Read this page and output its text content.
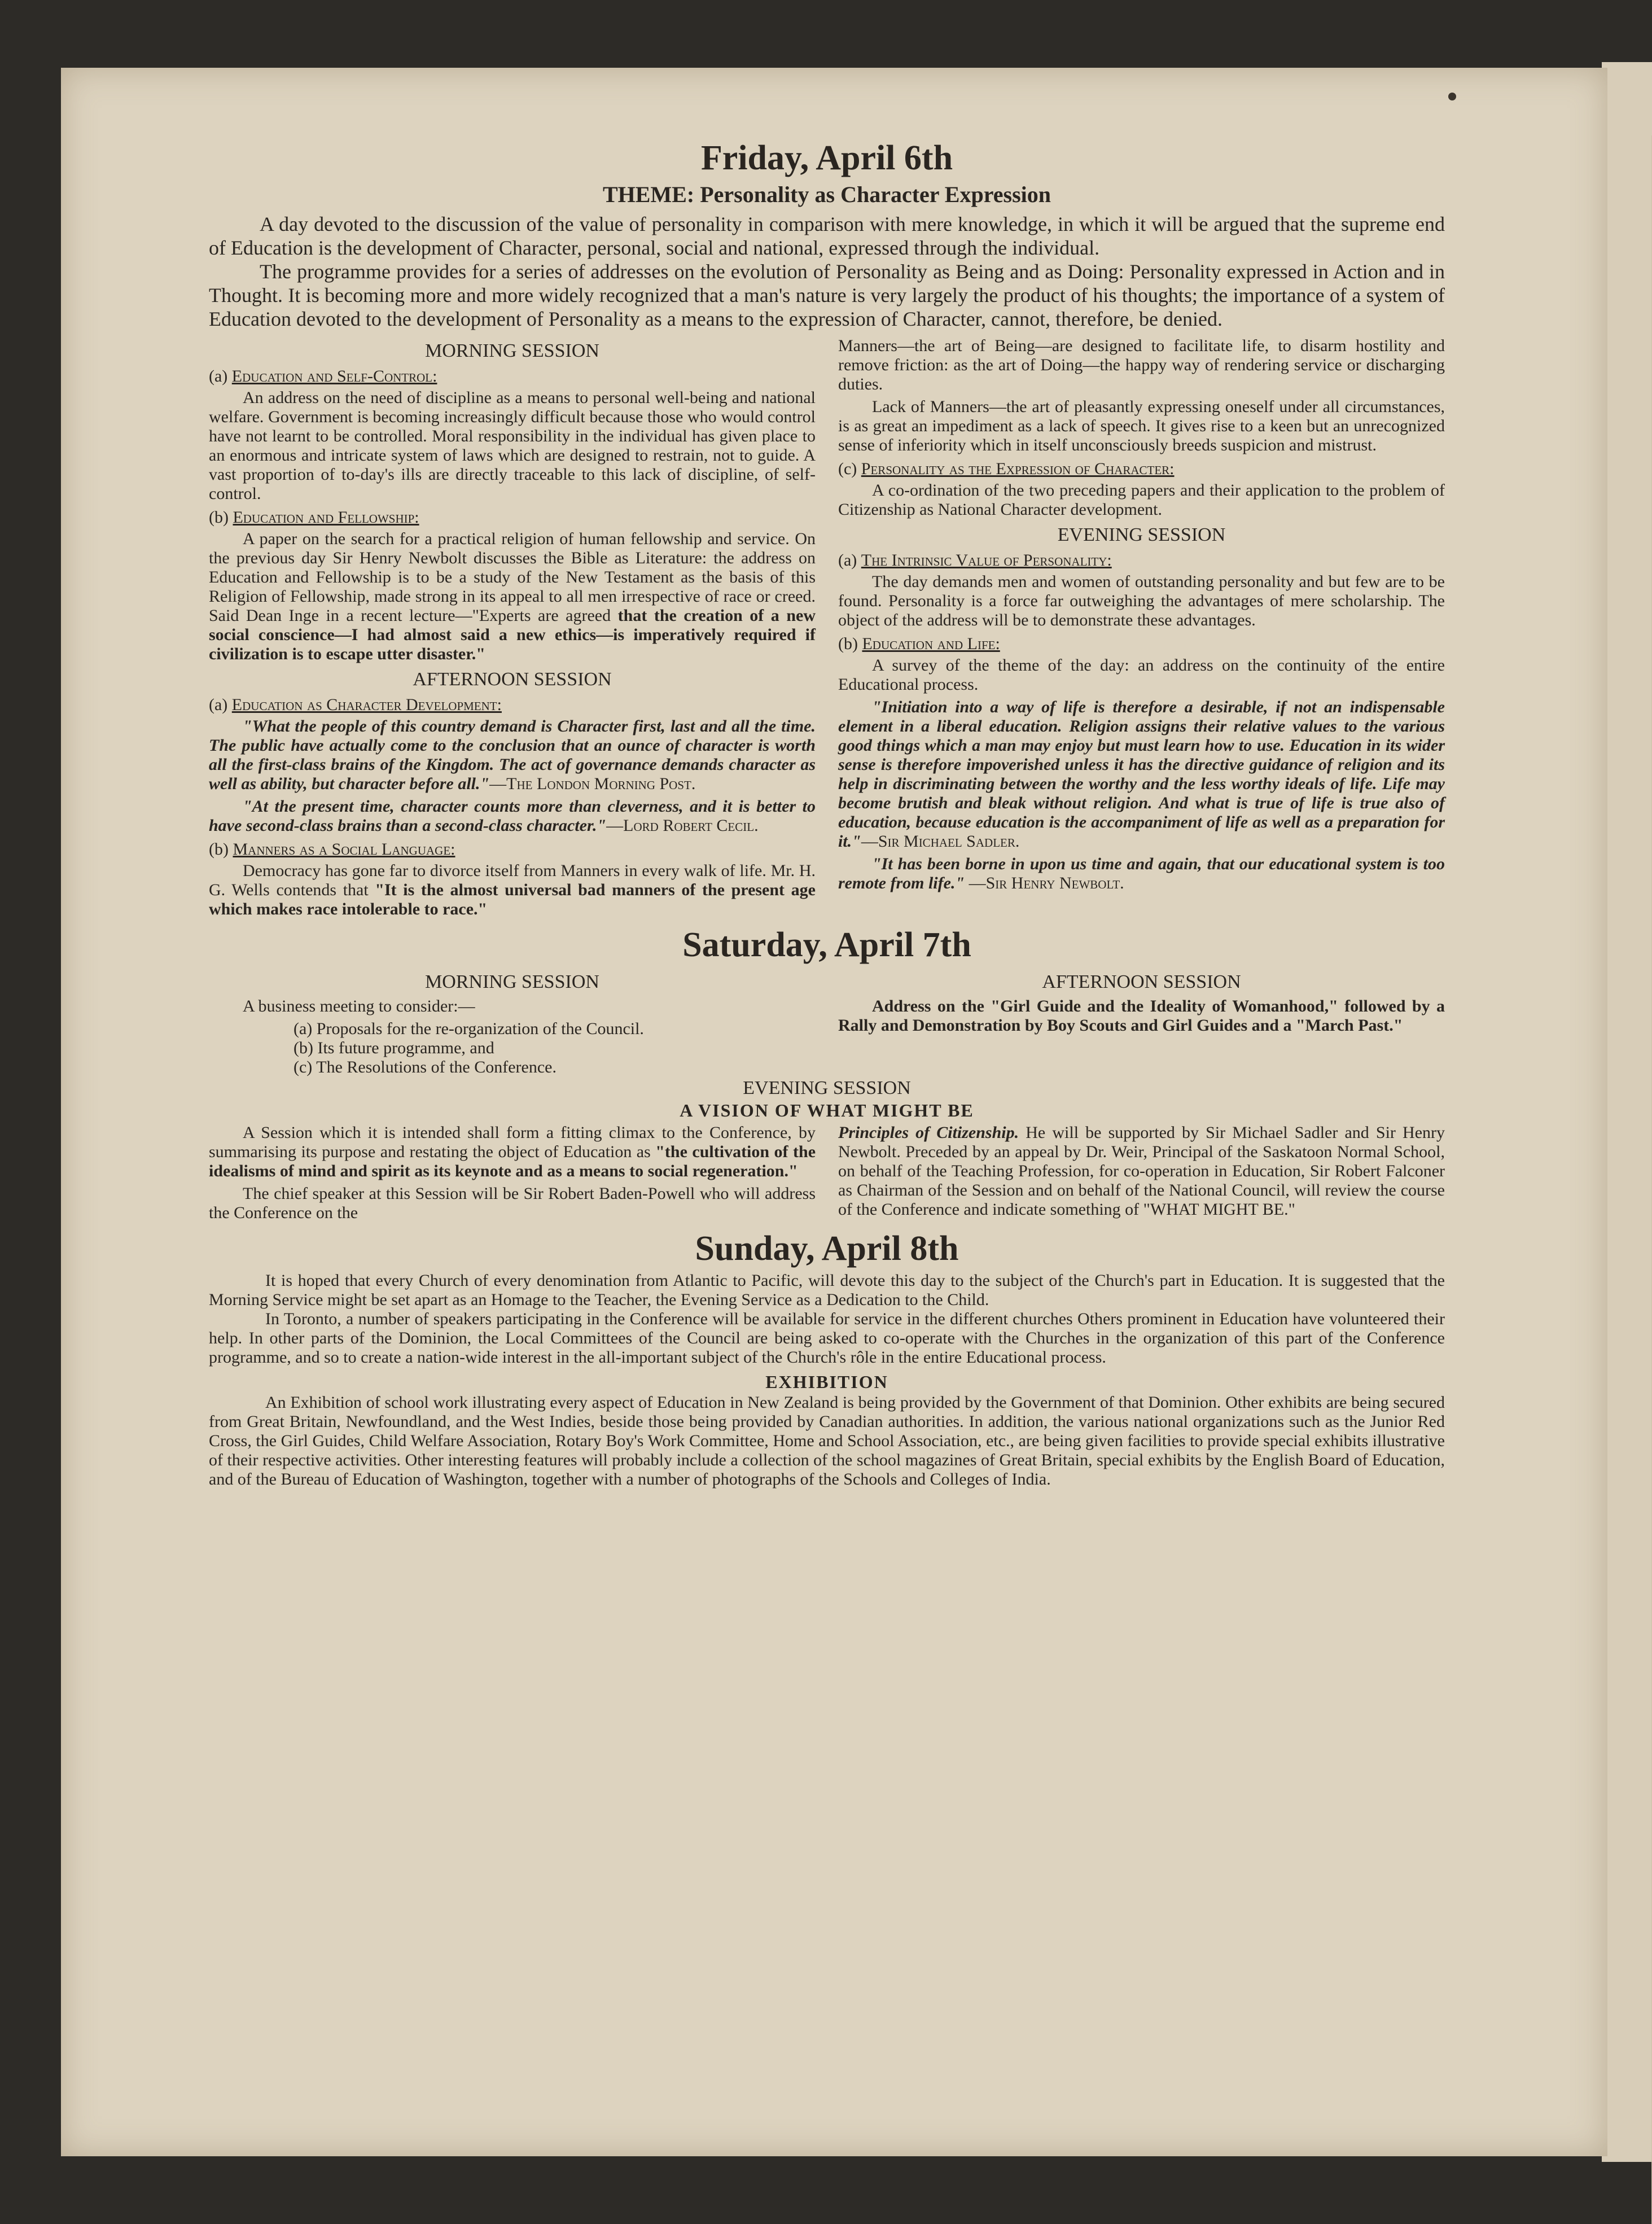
Friday, April 6th

THEME: Personality as Character Expression

A day devoted to the discussion of the value of personality in comparison with mere knowledge, in which it will be argued that the supreme end of Education is the development of Character, personal, social and national, expressed through the individual.

The programme provides for a series of addresses on the evolution of Personality as Being and as Doing: Personality expressed in Action and in Thought. It is becoming more and more widely recognized that a man's nature is very largely the product of his thoughts; the importance of a system of Education devoted to the development of Personality as a means to the expression of Character, cannot, therefore, be denied.

MORNING SESSION

(a) Education and Self-Control:

An address on the need of discipline as a means to personal well-being and national welfare. Government is becoming increasingly difficult because those who would control have not learnt to be controlled. Moral responsibility in the individual has given place to an enormous and intricate system of laws which are designed to restrain, not to guide. A vast proportion of to-day's ills are directly traceable to this lack of discipline, of self-control.

(b) Education and Fellowship:

A paper on the search for a practical religion of human fellowship and service. On the previous day Sir Henry Newbolt discusses the Bible as Literature: the address on Education and Fellowship is to be a study of the New Testament as the basis of this Religion of Fellowship, made strong in its appeal to all men irrespective of race or creed. Said Dean Inge in a recent lecture—"Experts are agreed that the creation of a new social conscience—I had almost said a new ethics—is imperatively required if civilization is to escape utter disaster."

AFTERNOON SESSION

(a) Education as Character Development:

"What the people of this country demand is Character first, last and all the time. The public have actually come to the conclusion that an ounce of character is worth all the first-class brains of the Kingdom. The act of governance demands character as well as ability, but character before all."—The London Morning Post.

"At the present time, character counts more than cleverness, and it is better to have second-class brains than a second-class character."—Lord Robert Cecil.

(b) Manners as a Social Language:

Democracy has gone far to divorce itself from Manners in every walk of life. Mr. H. G. Wells contends that "It is the almost universal bad manners of the present age which makes race intolerable to race."

Manners—the art of Being—are designed to facilitate life, to disarm hostility and remove friction: as the art of Doing—the happy way of rendering service or discharging duties.

Lack of Manners—the art of pleasantly expressing oneself under all circumstances, is as great an impediment as a lack of speech. It gives rise to a keen but an unrecognized sense of inferiority which in itself unconsciously breeds suspicion and mistrust.

(c) Personality as the Expression of Character:

A co-ordination of the two preceding papers and their application to the problem of Citizenship as National Character development.

EVENING SESSION

(a) The Intrinsic Value of Personality:

The day demands men and women of outstanding personality and but few are to be found. Personality is a force far outweighing the advantages of mere scholarship. The object of the address will be to demonstrate these advantages.

(b) Education and Life:

A survey of the theme of the day: an address on the continuity of the entire Educational process.

"Initiation into a way of life is therefore a desirable, if not an indispensable element in a liberal education. Religion assigns their relative values to the various good things which a man may enjoy but must learn how to use. Education in its wider sense is therefore impoverished unless it has the directive guidance of religion and its help in discriminating between the worthy and the less worthy ideals of life. Life may become brutish and bleak without religion. And what is true of life is true also of education, because education is the accompaniment of life as well as a preparation for it."—Sir Michael Sadler.

"It has been borne in upon us time and again, that our educational system is too remote from life." —Sir Henry Newbolt.

Saturday, April 7th

MORNING SESSION

A business meeting to consider:—

(a) Proposals for the re-organization of the Council.

(b) Its future programme, and

(c) The Resolutions of the Conference.

AFTERNOON SESSION

Address on the "Girl Guide and the Ideality of Womanhood," followed by a Rally and Demonstration by Boy Scouts and Girl Guides and a "March Past."

EVENING SESSION

A VISION OF WHAT MIGHT BE

A Session which it is intended shall form a fitting climax to the Conference, by summarising its purpose and restating the object of Education as "the cultivation of the idealisms of mind and spirit as its keynote and as a means to social regeneration."

The chief speaker at this Session will be Sir Robert Baden-Powell who will address the Conference on the

Principles of Citizenship. He will be supported by Sir Michael Sadler and Sir Henry Newbolt. Preceded by an appeal by Dr. Weir, Principal of the Saskatoon Normal School, on behalf of the Teaching Profession, for co-operation in Education, Sir Robert Falconer as Chairman of the Session and on behalf of the National Council, will review the course of the Conference and indicate something of "WHAT MIGHT BE."

Sunday, April 8th

It is hoped that every Church of every denomination from Atlantic to Pacific, will devote this day to the subject of the Church's part in Education. It is suggested that the Morning Service might be set apart as an Homage to the Teacher, the Evening Service as a Dedication to the Child.

In Toronto, a number of speakers participating in the Conference will be available for service in the different churches Others prominent in Education have volunteered their help. In other parts of the Dominion, the Local Committees of the Council are being asked to co-operate with the Churches in the organization of this part of the Conference programme, and so to create a nation-wide interest in the all-important subject of the Church's rôle in the entire Educational process.

EXHIBITION

An Exhibition of school work illustrating every aspect of Education in New Zealand is being provided by the Government of that Dominion. Other exhibits are being secured from Great Britain, Newfoundland, and the West Indies, beside those being provided by Canadian authorities. In addition, the various national organizations such as the Junior Red Cross, the Girl Guides, Child Welfare Association, Rotary Boy's Work Committee, Home and School Association, etc., are being given facilities to provide special exhibits illustrative of their respective activities. Other interesting features will probably include a collection of the school magazines of Great Britain, special exhibits by the English Board of Education, and of the Bureau of Education of Washington, together with a number of photographs of the Schools and Colleges of India.
